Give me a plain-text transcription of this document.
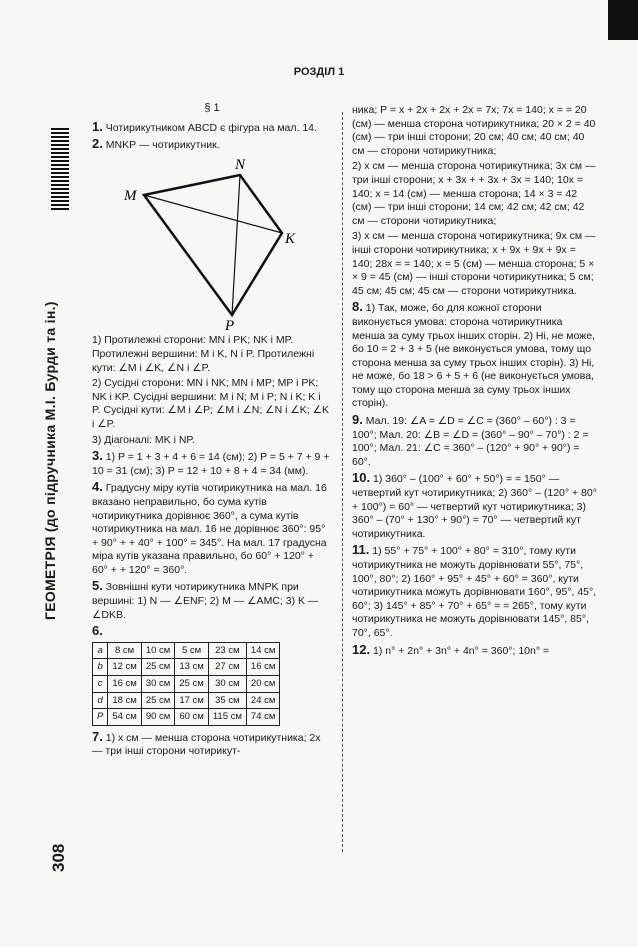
РОЗДІЛ 1
ГЕОМЕТРІЯ (до підручника М.І. Бурди та ін.)
308
§ 1

1. Чотирикутником ABCD є фігура на мал. 14.

2. MNKP — чотирикутник.

N
M
K
P

1) Протилежні сторони: MN і PK; NK і MP. Протилежні вершини: M і K, N і P. Протилежні кути: ∠M і ∠K, ∠N і ∠P.

2) Сусідні сторони: MN і NK; MN і MP; MP і PK; NK і KP. Сусідні вершини: M і N; M і P; N і K; K і P. Сусідні кути: ∠M і ∠P; ∠M і ∠N; ∠N і ∠K; ∠K і ∠P.

3) Діагоналі: MK і NP.

3. 1) P = 1 + 3 + 4 + 6 = 14 (см); 2) P = 5 + 7 + 9 + 10 = 31 (см); 3) P = 12 + 10 + 8 + 4 = 34 (мм).

4. Градусну міру кутів чотирикутника на мал. 16 вказано неправильно, бо сума кутів чотирикутника дорівнює 360°, а сума кутів чотирикутника на мал. 16 не дорівнює 360°: 95° + 90° + + 40° + 100° = 345°. На мал. 17 градусна міра кутів указана правильно, бо 60° + 120° + 60° + + 120° = 360°.

5. Зовнішні кути чотирикутника MNPK при вершині: 1) N — ∠ENF; 2) M — ∠AMC; 3) K — ∠DKB.

6.

a	8 см	10 см	5 см	23 см	14 см
b	12 см	25 см	13 см	27 см	16 см
c	16 см	30 см	25 см	30 см	20 см
d	18 см	25 см	17 см	35 см	24 см
P	54 см	90 см	60 см	115 см	74 см

7. 1) x см — менша сторона чотирикутника; 2x — три інші сторони чотирикут-

ника; P = x + 2x + 2x + 2x = 7x; 7x = 140; x = = 20 (см) — менша сторона чотирикутника; 20 × 2 = 40 (см) — три інші сторони; 20 см; 40 см; 40 см; 40 см — сторони чотирикутника;

2) x см — менша сторона чотирикутника; 3x см — три інші сторони; x + 3x + + 3x + 3x = 140; 10x = 140; x = 14 (см) — менша сторона; 14 × 3 = 42 (см) — три інші сторони; 14 см; 42 см; 42 см; 42 см — сторони чотирикутника;

3) x см — менша сторона чотирикутника; 9x см — інші сторони чотирикутника; x + 9x + 9x + 9x = 140; 28x = = 140; x = 5 (см) — менша сторона; 5 × × 9 = 45 (см) — інші сторони чотирикутника; 5 см; 45 см; 45 см; 45 см — сторони чотирикутника.

8. 1) Так, може, бо для кожної сторони виконується умова: сторона чотирикутника менша за суму трьох інших сторін. 2) Ні, не може, бо 10 = 2 + 3 + 5 (не виконується умова, тому що сторона менша за суму трьох інших сторін). 3) Ні, не може, бо 18 > 6 + 5 + 6 (не виконується умова, тому що сторона менша за суму трьох інших сторін).

9. Мал. 19: ∠A = ∠D = ∠C = (360° – 60°) : 3 = 100°; Мал. 20: ∠B = ∠D = (360° – 90° – 70°) : 2 = 100°; Мал. 21: ∠C = 360° – (120° + 90° + 90°) = 60°.

10. 1) 360° – (100° + 60° + 50°) = = 150° — четвертий кут чотирикутника; 2) 360° – (120° + 80° + 100°) = 60° — четвертий кут чотирикутника; 3) 360° – (70° + 130° + 90°) = 70° — четвертий кут чотирикутника.

11. 1) 55° + 75° + 100° + 80° = 310°, тому кути чотирикутника не можуть дорівнювати 55°, 75°, 100°, 80°; 2) 160° + 95° + 45° + 60° = 360°, кути чотирикутника можуть дорівнювати 160°, 95°, 45°, 60°; 3) 145° + 85° + 70° + 65° = = 265°, тому кути чотирикутника не можуть дорівнювати 145°, 85°, 70°, 65°.

12. 1) n° + 2n° + 3n° + 4n° = 360°; 10n° =
